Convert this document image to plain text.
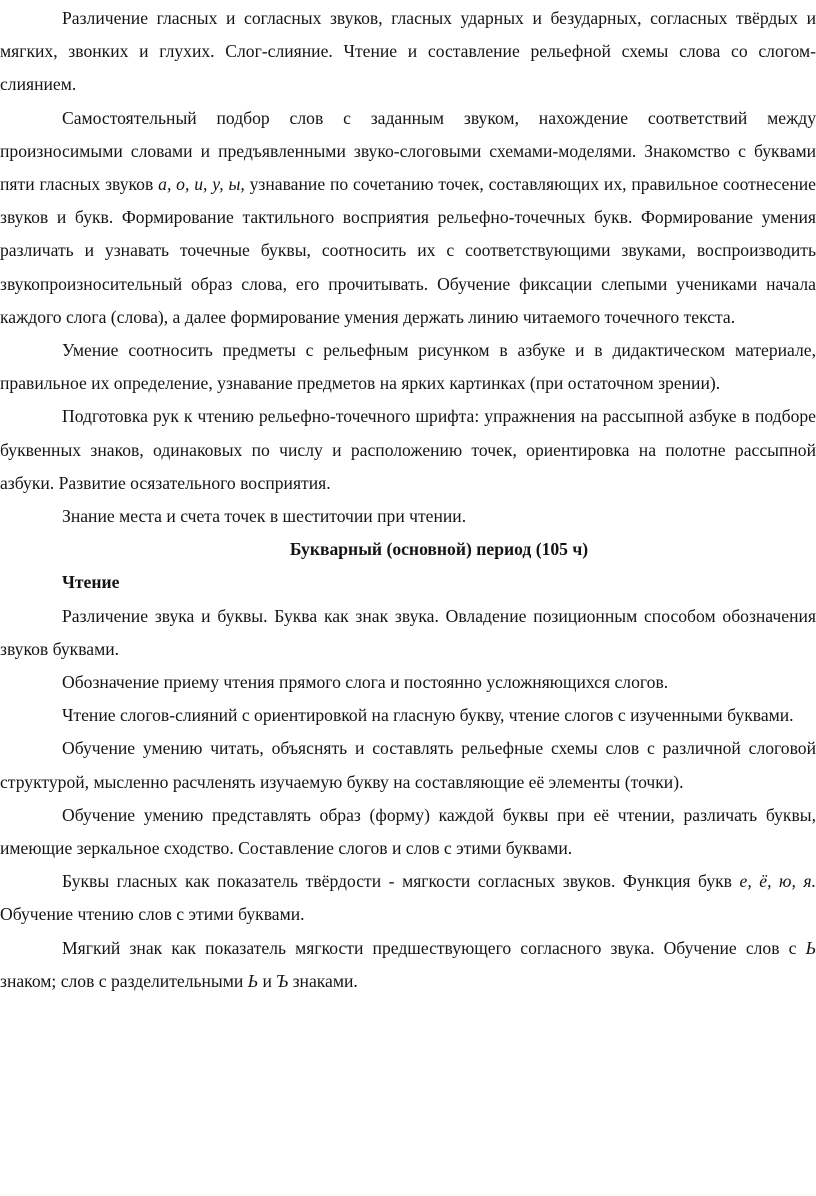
Различение гласных и согласных звуков, гласных ударных и безударных, согласных твёрдых и мягких, звонких и глухих. Слог-слияние. Чтение и составление рельефной схемы слова со слогом-слиянием.

Самостоятельный подбор слов с заданным звуком, нахождение соответствий между произносимыми словами и предъявленными звуко-слоговыми схемами-моделями. Знакомство с буквами пяти гласных звуков а, о, и, у, ы, узнавание по сочетанию точек, составляющих их, правильное соотнесение звуков и букв. Формирование тактильного восприятия рельефно-точечных букв. Формирование умения различать и узнавать точечные буквы, соотносить их с соответствующими звуками, воспроизводить звукопроизносительный образ слова, его прочитывать. Обучение фиксации слепыми учениками начала каждого слога (слова), а далее формирование умения держать линию читаемого точечного текста.

Умение соотносить предметы с рельефным рисунком в азбуке и в дидактическом материале, правильное их определение, узнавание предметов на ярких картинках (при остаточном зрении).

Подготовка рук к чтению рельефно-точечного шрифта: упражнения на рассыпной азбуке в подборе буквенных знаков, одинаковых по числу и расположению точек, ориентировка на полотне рассыпной азбуки. Развитие осязательного восприятия.

Знание места и счета точек в шеститочии при чтении.

Букварный (основной) период (105 ч)

Чтение

Различение звука и буквы. Буква как знак звука. Овладение позиционным способом обозначения звуков буквами.

Обозначение приему чтения прямого слога и постоянно усложняющихся слогов.

Чтение слогов-слияний с ориентировкой на гласную букву, чтение слогов с изученными буквами.

Обучение умению читать, объяснять и составлять рельефные схемы слов с различной слоговой структурой, мысленно расчленять изучаемую букву на составляющие её элементы (точки).

Обучение умению представлять образ (форму) каждой буквы при её чтении, различать буквы, имеющие зеркальное сходство. Составление слогов и слов с этими буквами.

Буквы гласных как показатель твёрдости - мягкости согласных звуков. Функция букв е, ё, ю, я. Обучение чтению слов с этими буквами.

Мягкий знак как показатель мягкости предшествующего согласного звука. Обучение слов с Ь знаком; слов с разделительными Ь и Ъ знаками.
